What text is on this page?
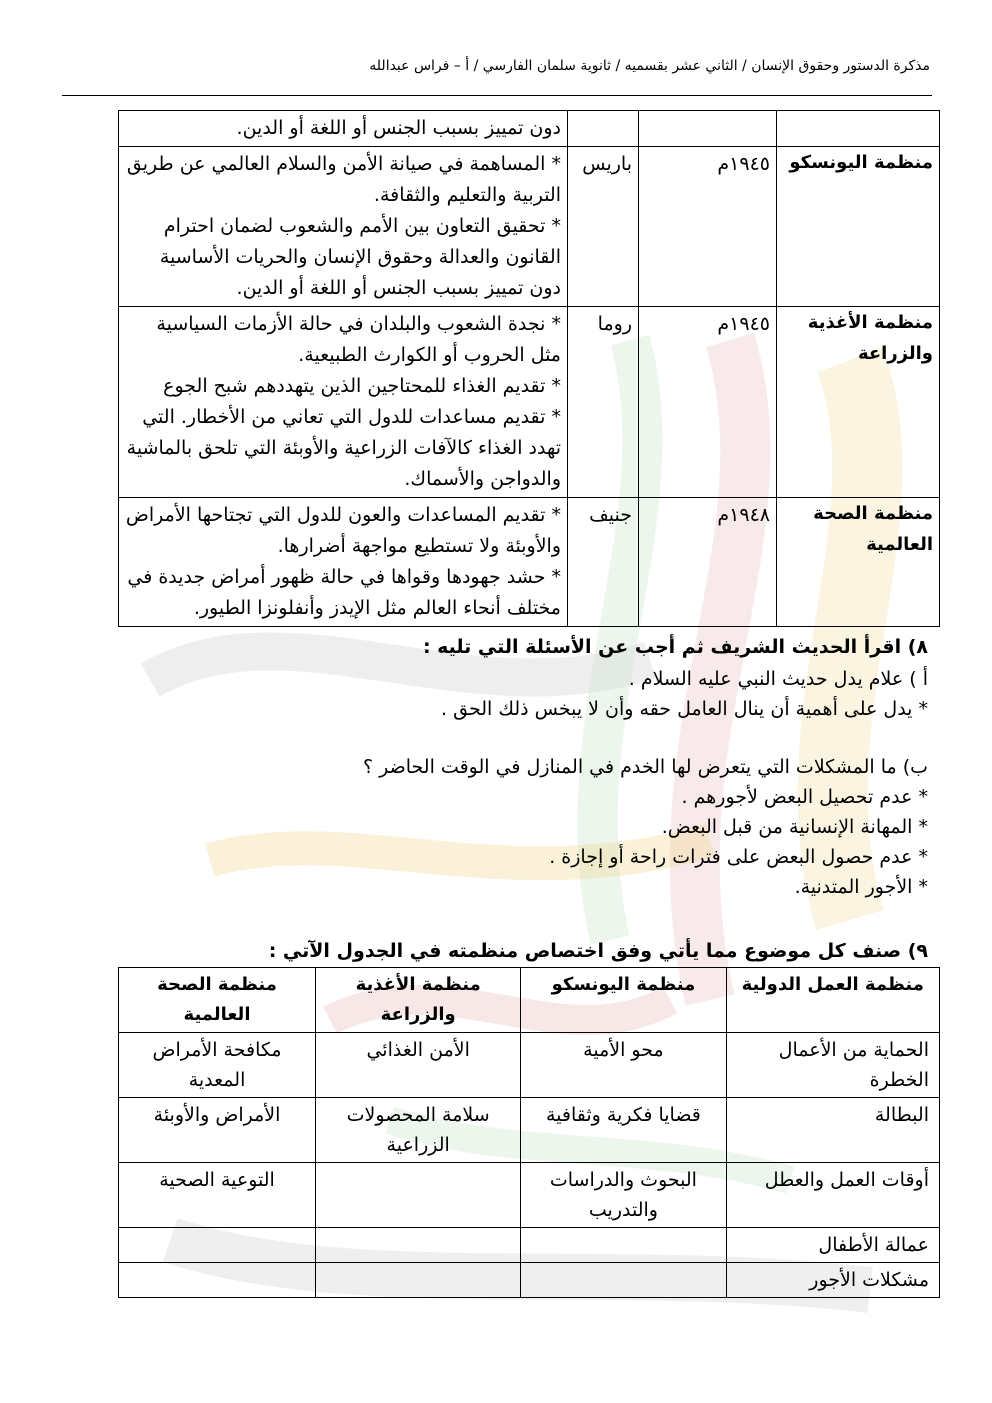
مذكرة الدستور وحقوق الإنسان / الثاني عشر بقسميه / ثانوية سلمان الفارسي / أ – فراس عبدالله

			دون تمييز بسبب الجنس أو اللغة أو الدين.

منظمة اليونسكو	١٩٤٥م	باريس	* المساهمة في صيانة الأمن والسلام العالمي عن طريق التربية والتعليم والثقافة.
* تحقيق التعاون بين الأمم والشعوب لضمان احترام القانون والعدالة وحقوق الإنسان والحريات الأساسية دون تمييز بسبب الجنس أو اللغة أو الدين.

منظمة الأغذية والزراعة	١٩٤٥م	روما	* نجدة الشعوب والبلدان في حالة الأزمات السياسية مثل الحروب أو الكوارث الطبيعية.
* تقديم الغذاء للمحتاجين الذين يتهددهم شبح الجوع
* تقديم مساعدات للدول التي تعاني من الأخطار. التي تهدد الغذاء كالآفات الزراعية والأوبئة التي تلحق بالماشية والدواجن والأسماك.

منظمة الصحة العالمية	١٩٤٨م	جنيف	* تقديم المساعدات والعون للدول التي تجتاحها الأمراض والأوبئة ولا تستطيع مواجهة أضرارها.
* حشد جهودها وقواها في حالة ظهور أمراض جديدة في مختلف أنحاء العالم مثل الإيدز وأنفلونزا الطيور.
٨) اقرأ الحديث الشريف ثم أجب عن الأسئلة التي تليه :
أ ) علام يدل حديث النبي عليه السلام .
* يدل على أهمية أن ينال العامل حقه وأن لا يبخس ذلك الحق .
ب) ما المشكلات التي يتعرض لها الخدم في المنازل في الوقت الحاضر ؟
* عدم تحصيل البعض لأجورهم .
* المهانة الإنسانية من قبل البعض.
* عدم حصول البعض على فترات راحة أو إجازة .
* الأجور المتدنية.
٩) صنف كل موضوع مما يأتي وفق اختصاص منظمته في الجدول الآتي :
منظمة العمل الدولية	منظمة اليونسكو	منظمة الأغذية والزراعة	منظمة الصحة العالمية
الحماية من الأعمال الخطرة	محو الأمية	الأمن الغذائي	مكافحة الأمراض المعدية
البطالة	قضايا فكرية وثقافية	سلامة المحصولات الزراعية	الأمراض والأوبئة
أوقات العمل والعطل	البحوث والدراسات والتدريب		التوعية الصحية
عمالة الأطفال			
مشكلات الأجور			
